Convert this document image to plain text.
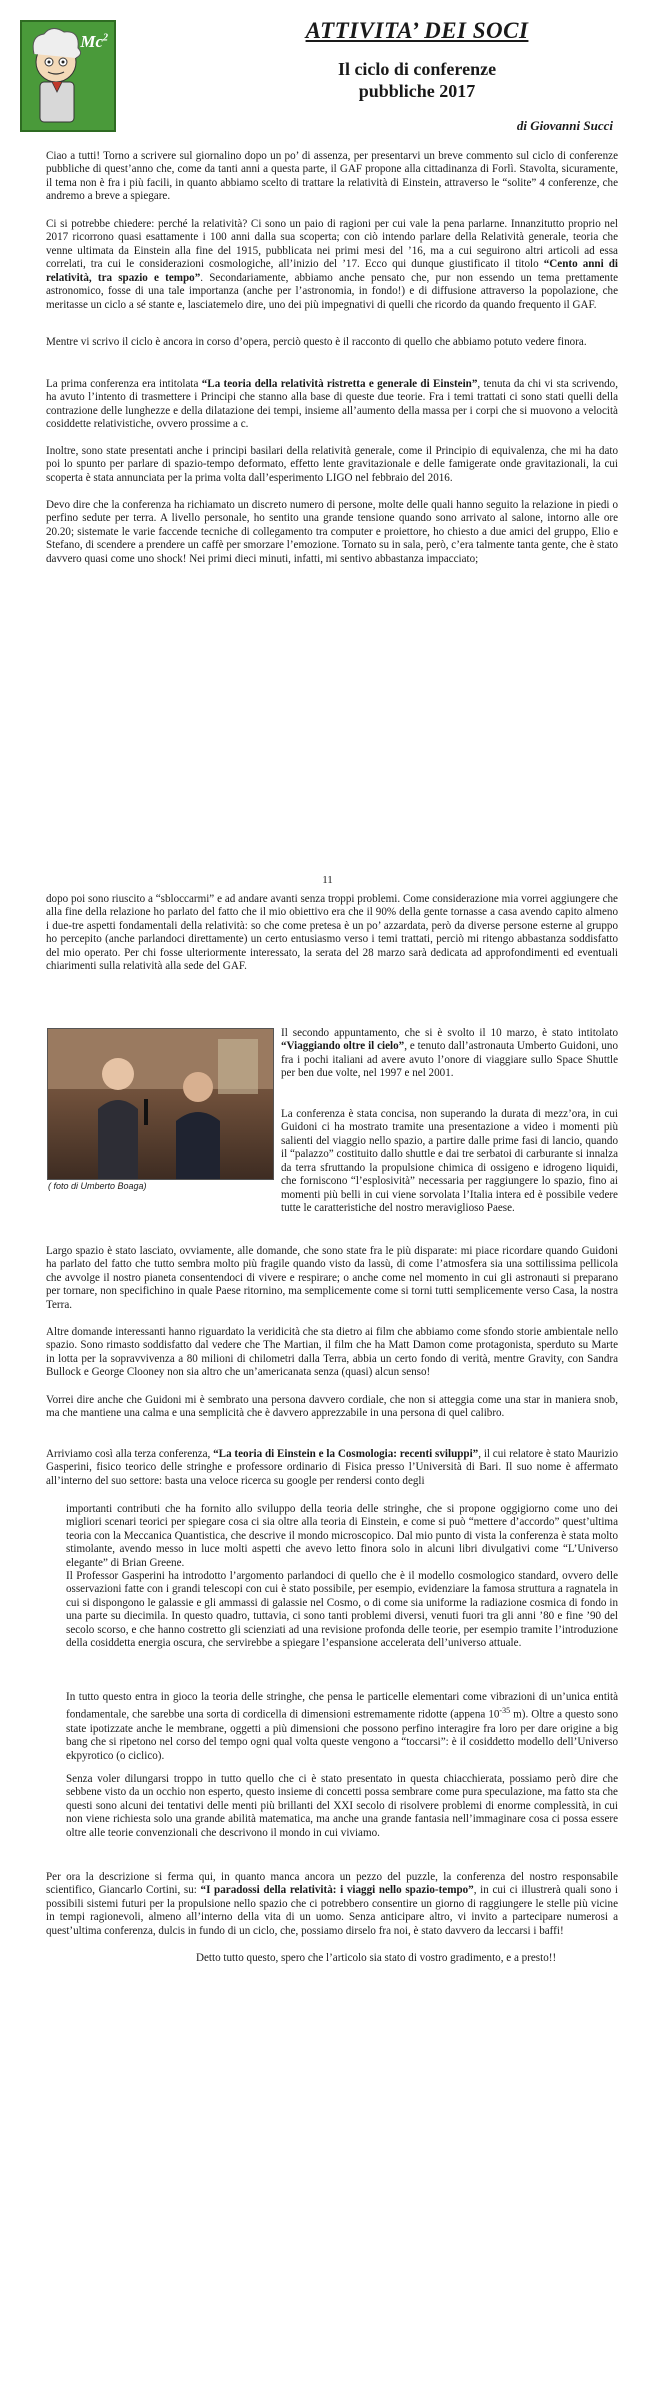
Mc$^2$	ATTIVITA’ DEI SOCI
Il ciclo di conferenze
pubbliche 2017
di Giovanni Succi

Ciao a tutti! Torno a scrivere sul giornalino dopo un po’ di assenza, per presentarvi un breve commento sul ciclo di conferenze pubbliche di quest’anno che, come da tanti anni a questa parte, il GAF propone alla cittadinanza di Forlì. Stavolta, sicuramente, il tema non è fra i più facili, in quanto abbiamo scelto di trattare la relatività di Einstein, attraverso le “solite” 4 conferenze, che andremo a breve a spiegare.

Ci si potrebbe chiedere: perché la relatività? Ci sono un paio di ragioni per cui vale la pena parlarne. Innanzitutto proprio nel 2017 ricorrono quasi esattamente i 100 anni dalla sua scoperta; con ciò intendo parlare della Relatività generale, teoria che venne ultimata da Einstein alla fine del 1915, pubblicata nei primi mesi del ’16, ma a cui seguirono altri articoli ad essa correlati, tra cui le considerazioni cosmologiche, all’inizio del ’17. Ecco qui dunque giustificato il titolo “Cento anni di relatività, tra spazio e tempo”. Secondariamente, abbiamo anche pensato che, pur non essendo un tema prettamente astronomico, fosse di una tale importanza (anche per l’astronomia, in fondo!) e di diffusione attraverso la popolazione, che meritasse un ciclo a sé stante e, lasciatemelo dire, uno dei più impegnativi di quelli che ricordo da quando frequento il GAF.

Mentre vi scrivo il ciclo è ancora in corso d’opera, perciò questo è il racconto di quello che abbiamo potuto vedere finora.

La prima conferenza era intitolata “La teoria della relatività ristretta e generale di Einstein”, tenuta da chi vi sta scrivendo, ha avuto l’intento di trasmettere i Principi che stanno alla base di queste due teorie. Fra i temi trattati ci sono stati quelli della contrazione delle lunghezze e della dilatazione dei tempi, insieme all’aumento della massa per i corpi che si muovono a velocità cosiddette relativistiche, ovvero prossime a c.

Inoltre, sono state presentati anche i principi basilari della relatività generale, come il Principio di equivalenza, che mi ha dato poi lo spunto per parlare di spazio-tempo deformato, effetto lente gravitazionale e delle famigerate onde gravitazionali, la cui scoperta è stata annunciata per la prima volta dall’esperimento LIGO nel febbraio del 2016.

Devo dire che la conferenza ha richiamato un discreto numero di persone, molte delle quali hanno seguito la relazione in piedi o perfino sedute per terra. A livello personale, ho sentito una grande tensione quando sono arrivato al salone, intorno alle ore 20.20; sistemate le varie faccende tecniche di collegamento tra computer e proiettore, ho chiesto a due amici del gruppo, Elio e Stefano, di scendere a prendere un caffè per smorzare l’emozione. Tornato su in sala, però, c’era talmente tanta gente, che è stato davvero quasi come uno shock! Nei primi dieci minuti, infatti, mi sentivo abbastanza impacciato;

11

dopo poi sono riuscito a “sbloccarmi” e ad andare avanti senza troppi problemi. Come considerazione mia vorrei aggiungere che alla fine della relazione ho parlato del fatto che il mio obiettivo era che il 90% della gente tornasse a casa avendo capito almeno i due-tre aspetti fondamentali della relatività: so che come pretesa è un po’ azzardata, però da diverse persone esterne al gruppo ho percepito (anche parlandoci direttamente) un certo entusiasmo verso i temi trattati, perciò mi ritengo abbastanza soddisfatto del mio operato. Per chi fosse ulteriormente interessato, la serata del 28 marzo sarà dedicata ad approfondimenti ed eventuali chiarimenti sulla relatività alla sede del GAF.

( foto di Umberto Boaga)

Il secondo appuntamento, che si è svolto il 10 marzo, è stato intitolato “Viaggiando oltre il cielo”, e tenuto dall’astronauta Umberto Guidoni, uno fra i pochi italiani ad avere avuto l’onore di viaggiare sullo Space Shuttle per ben due volte, nel 1997 e nel 2001.

La conferenza è stata concisa, non superando la durata di mezz’ora, in cui Guidoni ci ha mostrato tramite una presentazione a video i momenti più salienti del viaggio nello spazio, a partire dalle prime fasi di lancio, quando il “palazzo” costituito dallo shuttle e dai tre serbatoi di carburante si innalza da terra sfruttando la propulsione chimica di ossigeno e idrogeno liquidi, che forniscono “l’esplosività” necessaria per raggiungere lo spazio, fino ai momenti più belli in cui viene sorvolata l’Italia intera ed è possibile vedere tutte le caratteristiche del nostro meraviglioso Paese.

Largo spazio è stato lasciato, ovviamente, alle domande, che sono state fra le più disparate: mi piace ricordare quando Guidoni ha parlato del fatto che tutto sembra molto più fragile quando visto da lassù, di come l’atmosfera sia una sottilissima pellicola che avvolge il nostro pianeta consentendoci di vivere e respirare; o anche come nel momento in cui gli astronauti si preparano per tornare, non specifichino in quale Paese ritornino, ma semplicemente come si torni tutti semplicemente verso Casa, la nostra Terra.

Altre domande interessanti hanno riguardato la veridicità che sta dietro ai film che abbiamo come sfondo storie ambientale nello spazio. Sono rimasto soddisfatto dal vedere che The Martian, il film che ha Matt Damon come protagonista, sperduto su Marte in lotta per la sopravvivenza a 80 milioni di chilometri dalla Terra, abbia un certo fondo di verità, mentre Gravity, con Sandra Bullock e George Clooney non sia altro che un’americanata senza (quasi) alcun senso!

Vorrei dire anche che Guidoni mi è sembrato una persona davvero cordiale, che non si atteggia come una star in maniera snob, ma che mantiene una calma e una semplicità che è davvero apprezzabile in una persona di quel calibro.

Arriviamo così alla terza conferenza, “La teoria di Einstein e la Cosmologia: recenti sviluppi”, il cui relatore è stato Maurizio Gasperini, fisico teorico delle stringhe e professore ordinario di Fisica presso l’Università di Bari. Il suo nome è affermato all’interno del suo settore: basta una veloce ricerca su google per rendersi conto degli

importanti contributi che ha fornito allo sviluppo della teoria delle stringhe, che si propone oggigiorno come uno dei migliori scenari teorici per spiegare cosa ci sia oltre alla teoria di Einstein, e come si può “mettere d’accordo” quest’ultima teoria con la Meccanica Quantistica, che descrive il mondo microscopico. Dal mio punto di vista la conferenza è stata molto stimolante, avendo messo in luce molti aspetti che avevo letto finora solo in alcuni libri divulgativi come “L’Universo elegante” di Brian Greene.

Il Professor Gasperini ha introdotto l’argomento parlandoci di quello che è il modello cosmologico standard, ovvero delle osservazioni fatte con i grandi telescopi con cui è stato possibile, per esempio, evidenziare la famosa struttura a ragnatela in cui si dispongono le galassie e gli ammassi di galassie nel Cosmo, o di come sia uniforme la radiazione cosmica di fondo in una parte su diecimila. In questo quadro, tuttavia, ci sono tanti problemi diversi, venuti fuori tra gli anni ’80 e fine ’90 del secolo scorso, e che hanno costretto gli scienziati ad una revisione profonda delle teorie, per esempio tramite l’introduzione della cosiddetta energia oscura, che servirebbe a spiegare l’espansione accelerata dell’universo attuale.

In tutto questo entra in gioco la teoria delle stringhe, che pensa le particelle elementari come vibrazioni di un’unica entità fondamentale, che sarebbe una sorta di cordicella di dimensioni estremamente ridotte (appena $10^{-35}$ m). Oltre a questo sono state ipotizzate anche le membrane, oggetti a più dimensioni che possono perfino interagire fra loro per dare origine a big bang che si ripetono nel corso del tempo ogni qual volta queste vengono a “toccarsi”: è il cosiddetto modello dell’Universo ekpyrotico (o ciclico).

Senza voler dilungarsi troppo in tutto quello che ci è stato presentato in questa chiacchierata, possiamo però dire che sebbene visto da un occhio non esperto, questo insieme di concetti possa sembrare come pura speculazione, ma fatto sta che questi sono alcuni dei tentativi delle menti più brillanti del XXI secolo di risolvere problemi di enorme complessità, in cui non viene richiesta solo una grande abilità matematica, ma anche una grande fantasia nell’immaginare cosa ci possa essere oltre alle teorie convenzionali che descrivono il mondo in cui viviamo.

Per ora la descrizione si ferma qui, in quanto manca ancora un pezzo del puzzle, la conferenza del nostro responsabile scientifico, Giancarlo Cortini, su: “I paradossi della relatività: i viaggi nello spazio-tempo”, in cui ci illustrerà quali sono i possibili sistemi futuri per la propulsione nello spazio che ci potrebbero consentire un giorno di raggiungere le stelle più vicine in tempi ragionevoli, almeno all’interno della vita di un uomo. Senza anticipare altro, vi invito a partecipare numerosi a quest’ultima conferenza, dulcis in fundo di un ciclo, che, possiamo dirselo fra noi, è stato davvero da leccarsi i baffi!

Detto tutto questo, spero che l’articolo sia stato di vostro gradimento, e a presto!!
